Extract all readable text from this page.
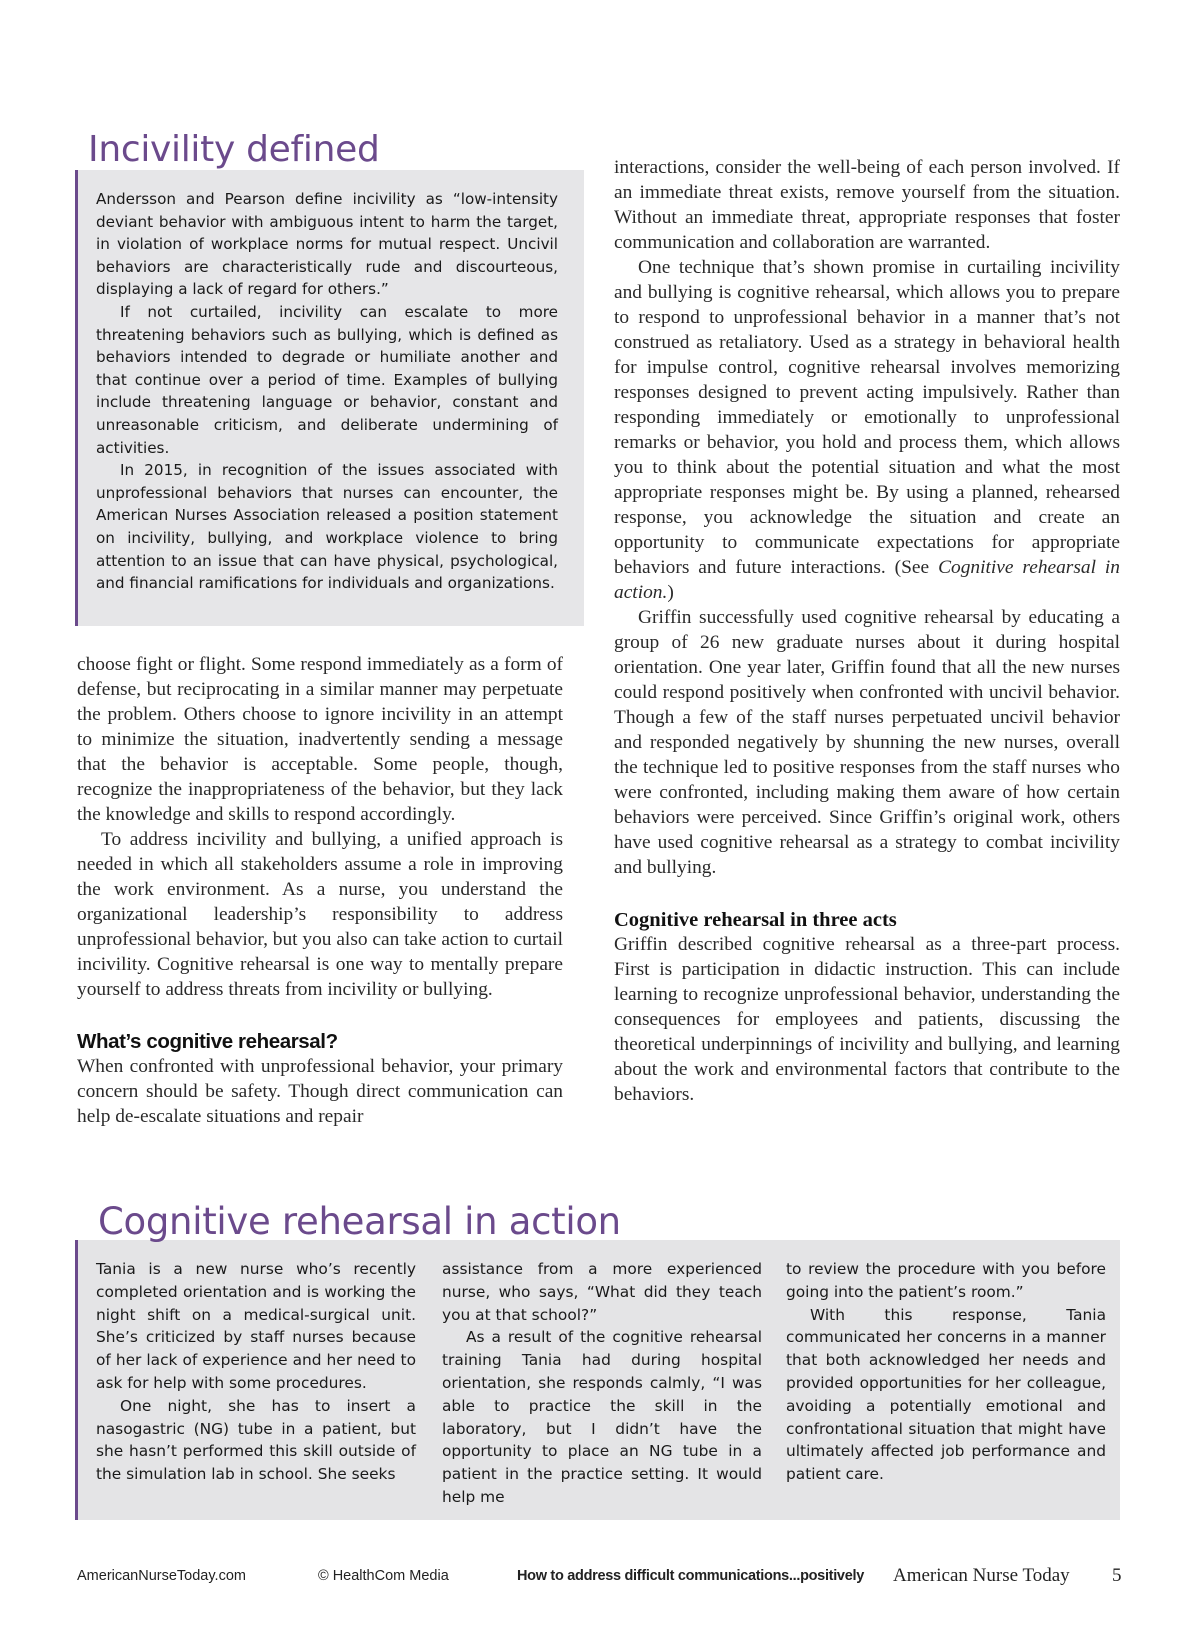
Incivility defined

Andersson and Pearson define incivility as “low-intensity deviant behavior with ambiguous intent to harm the target, in violation of workplace norms for mutual respect. Uncivil behaviors are characteristically rude and discourteous, displaying a lack of regard for others.”

If not curtailed, incivility can escalate to more threatening behaviors such as bullying, which is defined as behaviors intended to degrade or humiliate another and that continue over a period of time. Examples of bullying include threatening language or behavior, constant and unreasonable criticism, and deliberate undermining of activities.

In 2015, in recognition of the issues associated with unprofessional behaviors that nurses can encounter, the American Nurses Association released a position statement on incivility, bullying, and workplace violence to bring attention to an issue that can have physical, psychological, and financial ramifications for individuals and organizations.

choose fight or flight. Some respond immediately as a form of defense, but reciprocating in a similar manner may perpetuate the problem. Others choose to ignore incivility in an attempt to minimize the situation, inadvertently sending a message that the behavior is acceptable. Some people, though, recognize the inappropriateness of the behavior, but they lack the knowledge and skills to respond accordingly.

To address incivility and bullying, a unified approach is needed in which all stakeholders assume a role in improving the work environment. As a nurse, you understand the organizational leadership’s responsibility to address unprofessional behavior, but you also can take action to curtail incivility. Cognitive rehearsal is one way to mentally prepare yourself to address threats from incivility or bullying.

What’s cognitive rehearsal?

When confronted with unprofessional behavior, your primary concern should be safety. Though direct communication can help de-escalate situations and repair

interactions, consider the well-being of each person involved. If an immediate threat exists, remove yourself from the situation. Without an immediate threat, appropriate responses that foster communication and collaboration are warranted.

One technique that’s shown promise in curtailing incivility and bullying is cognitive rehearsal, which allows you to prepare to respond to unprofessional behavior in a manner that’s not construed as retaliatory. Used as a strategy in behavioral health for impulse control, cognitive rehearsal involves memorizing responses designed to prevent acting impulsively. Rather than responding immediately or emotionally to unprofessional remarks or behavior, you hold and process them, which allows you to think about the potential situation and what the most appropriate responses might be. By using a planned, rehearsed response, you acknowledge the situation and create an opportunity to communicate expectations for appropriate behaviors and future interactions. (See Cognitive rehearsal in action.)

Griffin successfully used cognitive rehearsal by educating a group of 26 new graduate nurses about it during hospital orientation. One year later, Griffin found that all the new nurses could respond positively when confronted with uncivil behavior. Though a few of the staff nurses perpetuated uncivil behavior and responded negatively by shunning the new nurses, overall the technique led to positive responses from the staff nurses who were confronted, including making them aware of how certain behaviors were perceived. Since Griffin’s original work, others have used cognitive rehearsal as a strategy to combat incivility and bullying.

Cognitive rehearsal in three acts

Griffin described cognitive rehearsal as a three-part process. First is participation in didactic instruction. This can include learning to recognize unprofessional behavior, understanding the consequences for employees and patients, discussing the theoretical underpinnings of incivility and bullying, and learning about the work and environmental factors that contribute to the behaviors.

Cognitive rehearsal in action

Tania is a new nurse who’s recently completed orientation and is working the night shift on a medical-surgical unit. She’s criticized by staff nurses because of her lack of experience and her need to ask for help with some procedures.

One night, she has to insert a nasogastric (NG) tube in a patient, but she hasn’t performed this skill outside of the simulation lab in school. She seeks

assistance from a more experienced nurse, who says, “What did they teach you at that school?”

As a result of the cognitive rehearsal training Tania had during hospital orientation, she responds calmly, “I was able to practice the skill in the laboratory, but I didn’t have the opportunity to place an NG tube in a patient in the practice setting. It would help me

to review the procedure with you before going into the patient’s room.”

With this response, Tania communicated her concerns in a manner that both acknowledged her needs and provided opportunities for her colleague, avoiding a potentially emotional and confrontational situation that might have ultimately affected job performance and patient care.

AmericanNurseToday.com	© HealthCom Media	How to address difficult communications...positively American Nurse Today 5
